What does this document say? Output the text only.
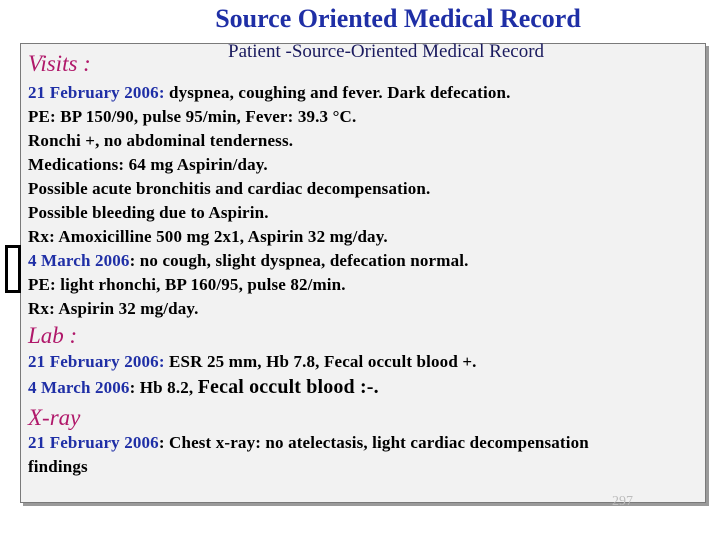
Source Oriented Medical Record
Visits :	Patient -Source-Oriented Medical Record
21 February 2006: dyspnea, coughing and fever. Dark defecation.
PE: BP 150/90, pulse 95/min, Fever: 39.3 °C.
Ronchi +, no abdominal tenderness.
Medications: 64 mg Aspirin/day.
Possible acute bronchitis and cardiac decompensation.
Possible bleeding due to Aspirin.
Rx: Amoxicilline 500 mg 2x1, Aspirin 32 mg/day.
4 March 2006: no cough, slight dyspnea, defecation normal.
PE: light rhonchi, BP 160/95, pulse 82/min.
Rx: Aspirin 32 mg/day.
Lab :
21 February 2006: ESR 25 mm, Hb 7.8, Fecal occult blood +.
4 March 2006: Hb 8.2, Fecal occult blood :-.
X-ray
21 February 2006: Chest x-ray: no atelectasis, light cardiac decompensation
findings
297
